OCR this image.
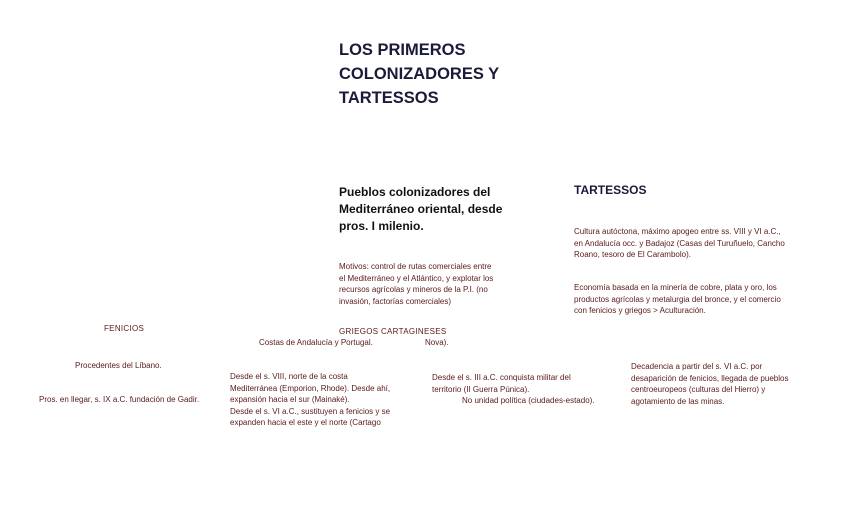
LOS PRIMEROS
COLONIZADORES Y
TARTESSOS
Pueblos colonizadores del
Mediterráneo oriental, desde
pros. I milenio.
TARTESSOS
Cultura autóctona, máximo apogeo entre ss. VIII y VI a.C.,
en Andalucía occ. y Badajoz (Casas del Turuñuelo, Cancho
Roano, tesoro de El Carambolo).
Motivos: control de rutas comerciales entre
el Mediterráneo y el Atlántico, y explotar los
recursos agrícolas y mineros de la P.I. (no
invasión, factorías comerciales)
Economía basada en la minería de cobre, plata y oro, los
productos agrícolas y metalurgia del bronce, y el comercio
con fenicios y griegos > Aculturación.
FENICIOS	GRIEGOS CARTAGINESES
Costas de Andalucía y Portugal.	Nova).
Procedentes del Líbano.	Decadencia a partir del s. VI a.C. por
desaparición de fenicios, llegada de pueblos
centroeuropeos (culturas del Hierro) y
agotamiento de las minas.
Desde el s. VIII, norte de la costa
Mediterránea (Emporion, Rhode). Desde ahí,
expansión hacia el sur (Mainaké).
Desde el s. VI a.C., sustituyen a fenicios y se
expanden hacia el este y el norte (Cartago
Desde el s. III a.C. conquista militar del
territorio (II Guerra Púnica).
Pros. en llegar, s. IX a.C. fundación de Gadir.	No unidad política (ciudades-estado).
